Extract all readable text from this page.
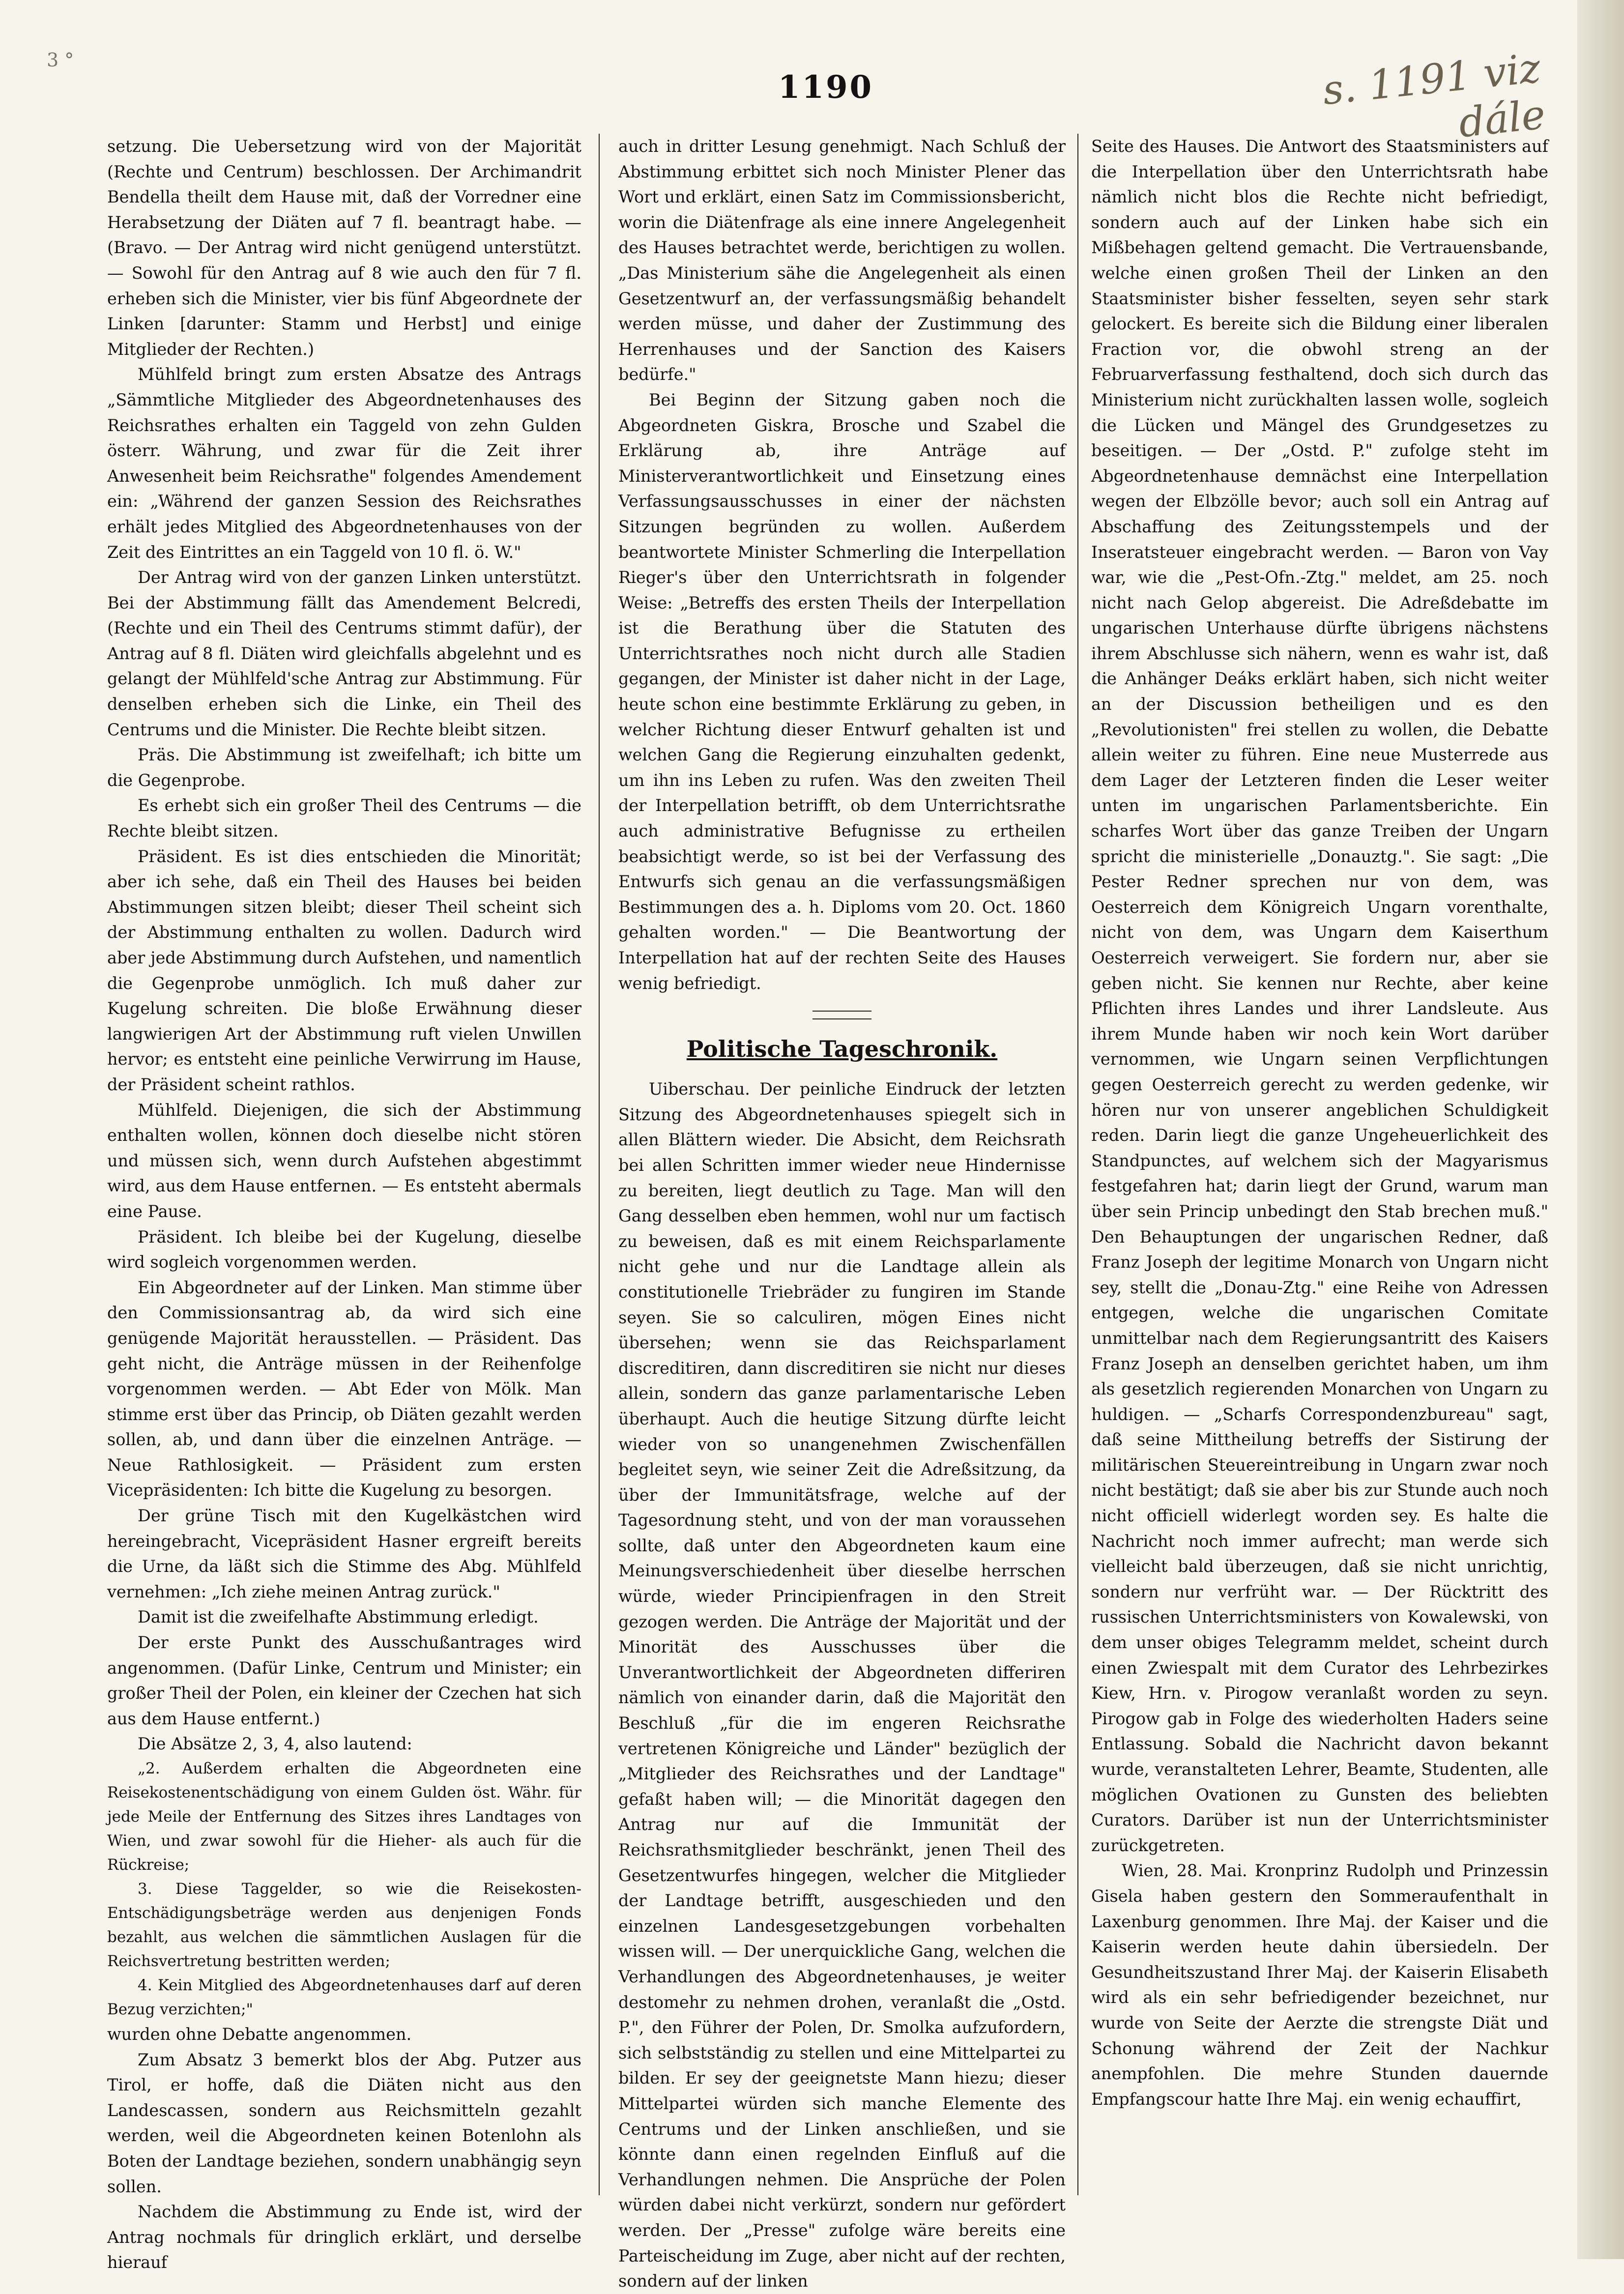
3 °
1190	s. 1191 viz dále

setzung. Die Uebersetzung wird von der Majorität (Rechte und Centrum) beschlossen. Der Archimandrit Bendella theilt dem Hause mit, daß der Vorredner eine Herabsetzung der Diäten auf 7 fl. beantragt habe. — (Bravo. — Der Antrag wird nicht genügend unterstützt. — Sowohl für den Antrag auf 8 wie auch den für 7 fl. erheben sich die Minister, vier bis fünf Abgeordnete der Linken [darunter: Stamm und Herbst] und einige Mitglieder der Rechten.)

Mühlfeld bringt zum ersten Absatze des Antrags „Sämmtliche Mitglieder des Abgeordnetenhauses des Reichsrathes erhalten ein Taggeld von zehn Gulden österr. Währung, und zwar für die Zeit ihrer Anwesenheit beim Reichsrathe" folgendes Amendement ein: „Während der ganzen Session des Reichsrathes erhält jedes Mitglied des Abgeordnetenhauses von der Zeit des Eintrittes an ein Taggeld von 10 fl. ö. W."

Der Antrag wird von der ganzen Linken unterstützt. Bei der Abstimmung fällt das Amendement Belcredi, (Rechte und ein Theil des Centrums stimmt dafür), der Antrag auf 8 fl. Diäten wird gleichfalls abgelehnt und es gelangt der Mühlfeld'sche Antrag zur Abstimmung. Für denselben erheben sich die Linke, ein Theil des Centrums und die Minister. Die Rechte bleibt sitzen.

Präs. Die Abstimmung ist zweifelhaft; ich bitte um die Gegenprobe.

Es erhebt sich ein großer Theil des Centrums — die Rechte bleibt sitzen.

Präsident. Es ist dies entschieden die Minorität; aber ich sehe, daß ein Theil des Hauses bei beiden Abstimmungen sitzen bleibt; dieser Theil scheint sich der Abstimmung enthalten zu wollen. Dadurch wird aber jede Abstimmung durch Aufstehen, und namentlich die Gegenprobe unmöglich. Ich muß daher zur Kugelung schreiten. Die bloße Erwähnung dieser langwierigen Art der Abstimmung ruft vielen Unwillen hervor; es entsteht eine peinliche Verwirrung im Hause, der Präsident scheint rathlos.

Mühlfeld. Diejenigen, die sich der Abstimmung enthalten wollen, können doch dieselbe nicht stören und müssen sich, wenn durch Aufstehen abgestimmt wird, aus dem Hause entfernen. — Es entsteht abermals eine Pause.

Präsident. Ich bleibe bei der Kugelung, dieselbe wird sogleich vorgenommen werden.

Ein Abgeordneter auf der Linken. Man stimme über den Commissionsantrag ab, da wird sich eine genügende Majorität herausstellen. — Präsident. Das geht nicht, die Anträge müssen in der Reihenfolge vorgenommen werden. — Abt Eder von Mölk. Man stimme erst über das Princip, ob Diäten gezahlt werden sollen, ab, und dann über die einzelnen Anträge. — Neue Rathlosigkeit. — Präsident zum ersten Vicepräsidenten: Ich bitte die Kugelung zu besorgen.

Der grüne Tisch mit den Kugelkästchen wird hereingebracht, Vicepräsident Hasner ergreift bereits die Urne, da läßt sich die Stimme des Abg. Mühlfeld vernehmen: „Ich ziehe meinen Antrag zurück."

Damit ist die zweifelhafte Abstimmung erledigt.

Der erste Punkt des Ausschußantrages wird angenommen. (Dafür Linke, Centrum und Minister; ein großer Theil der Polen, ein kleiner der Czechen hat sich aus dem Hause entfernt.)

Die Absätze 2, 3, 4, also lautend:

„2. Außerdem erhalten die Abgeordneten eine Reisekostenentschädigung von einem Gulden öst. Währ. für jede Meile der Entfernung des Sitzes ihres Landtages von Wien, und zwar sowohl für die Hieher- als auch für die Rückreise;

3. Diese Taggelder, so wie die Reisekosten-Entschädigungsbeträge werden aus denjenigen Fonds bezahlt, aus welchen die sämmtlichen Auslagen für die Reichsvertretung bestritten werden;

4. Kein Mitglied des Abgeordnetenhauses darf auf deren Bezug verzichten;"

wurden ohne Debatte angenommen.

Zum Absatz 3 bemerkt blos der Abg. Putzer aus Tirol, er hoffe, daß die Diäten nicht aus den Landescassen, sondern aus Reichsmitteln gezahlt werden, weil die Abgeordneten keinen Botenlohn als Boten der Landtage beziehen, sondern unabhängig seyn sollen.

Nachdem die Abstimmung zu Ende ist, wird der Antrag nochmals für dringlich erklärt, und derselbe hierauf

auch in dritter Lesung genehmigt. Nach Schluß der Abstimmung erbittet sich noch Minister Plener das Wort und erklärt, einen Satz im Commissionsbericht, worin die Diätenfrage als eine innere Angelegenheit des Hauses betrachtet werde, berichtigen zu wollen. „Das Ministerium sähe die Angelegenheit als einen Gesetzentwurf an, der verfassungsmäßig behandelt werden müsse, und daher der Zustimmung des Herrenhauses und der Sanction des Kaisers bedürfe."

Bei Beginn der Sitzung gaben noch die Abgeordneten Giskra, Brosche und Szabel die Erklärung ab, ihre Anträge auf Ministerverantwortlichkeit und Einsetzung eines Verfassungsausschusses in einer der nächsten Sitzungen begründen zu wollen. Außerdem beantwortete Minister Schmerling die Interpellation Rieger's über den Unterrichtsrath in folgender Weise: „Betreffs des ersten Theils der Interpellation ist die Berathung über die Statuten des Unterrichtsrathes noch nicht durch alle Stadien gegangen, der Minister ist daher nicht in der Lage, heute schon eine bestimmte Erklärung zu geben, in welcher Richtung dieser Entwurf gehalten ist und welchen Gang die Regierung einzuhalten gedenkt, um ihn ins Leben zu rufen. Was den zweiten Theil der Interpellation betrifft, ob dem Unterrichtsrathe auch administrative Befugnisse zu ertheilen beabsichtigt werde, so ist bei der Verfassung des Entwurfs sich genau an die verfassungsmäßigen Bestimmungen des a. h. Diploms vom 20. Oct. 1860 gehalten worden." — Die Beantwortung der Interpellation hat auf der rechten Seite des Hauses wenig befriedigt.

Politische Tageschronik.

Uiberschau. Der peinliche Eindruck der letzten Sitzung des Abgeordnetenhauses spiegelt sich in allen Blättern wieder. Die Absicht, dem Reichsrath bei allen Schritten immer wieder neue Hindernisse zu bereiten, liegt deutlich zu Tage. Man will den Gang desselben eben hemmen, wohl nur um factisch zu beweisen, daß es mit einem Reichsparlamente nicht gehe und nur die Landtage allein als constitutionelle Triebräder zu fungiren im Stande seyen. Sie so calculiren, mögen Eines nicht übersehen; wenn sie das Reichsparlament discreditiren, dann discreditiren sie nicht nur dieses allein, sondern das ganze parlamentarische Leben überhaupt. Auch die heutige Sitzung dürfte leicht wieder von so unangenehmen Zwischenfällen begleitet seyn, wie seiner Zeit die Adreßsitzung, da über der Immunitätsfrage, welche auf der Tagesordnung steht, und von der man voraussehen sollte, daß unter den Abgeordneten kaum eine Meinungsverschiedenheit über dieselbe herrschen würde, wieder Principienfragen in den Streit gezogen werden. Die Anträge der Majorität und der Minorität des Ausschusses über die Unverantwortlichkeit der Abgeordneten differiren nämlich von einander darin, daß die Majorität den Beschluß „für die im engeren Reichsrathe vertretenen Königreiche und Länder" bezüglich der „Mitglieder des Reichsrathes und der Landtage" gefaßt haben will; — die Minorität dagegen den Antrag nur auf die Immunität der Reichsrathsmitglieder beschränkt, jenen Theil des Gesetzentwurfes hingegen, welcher die Mitglieder der Landtage betrifft, ausgeschieden und den einzelnen Landesgesetzgebungen vorbehalten wissen will. — Der unerquickliche Gang, welchen die Verhandlungen des Abgeordnetenhauses, je weiter destomehr zu nehmen drohen, veranlaßt die „Ostd. P.", den Führer der Polen, Dr. Smolka aufzufordern, sich selbstständig zu stellen und eine Mittelpartei zu bilden. Er sey der geeignetste Mann hiezu; dieser Mittelpartei würden sich manche Elemente des Centrums und der Linken anschließen, und sie könnte dann einen regelnden Einfluß auf die Verhandlungen nehmen. Die Ansprüche der Polen würden dabei nicht verkürzt, sondern nur gefördert werden. Der „Presse" zufolge wäre bereits eine Parteischeidung im Zuge, aber nicht auf der rechten, sondern auf der linken

Seite des Hauses. Die Antwort des Staatsministers auf die Interpellation über den Unterrichtsrath habe nämlich nicht blos die Rechte nicht befriedigt, sondern auch auf der Linken habe sich ein Mißbehagen geltend gemacht. Die Vertrauensbande, welche einen großen Theil der Linken an den Staatsminister bisher fesselten, seyen sehr stark gelockert. Es bereite sich die Bildung einer liberalen Fraction vor, die obwohl streng an der Februarverfassung festhaltend, doch sich durch das Ministerium nicht zurückhalten lassen wolle, sogleich die Lücken und Mängel des Grundgesetzes zu beseitigen. — Der „Ostd. P." zufolge steht im Abgeordnetenhause demnächst eine Interpellation wegen der Elbzölle bevor; auch soll ein Antrag auf Abschaffung des Zeitungsstempels und der Inseratsteuer eingebracht werden. — Baron von Vay war, wie die „Pest-Ofn.-Ztg." meldet, am 25. noch nicht nach Gelop abgereist. Die Adreßdebatte im ungarischen Unterhause dürfte übrigens nächstens ihrem Abschlusse sich nähern, wenn es wahr ist, daß die Anhänger Deáks erklärt haben, sich nicht weiter an der Discussion betheiligen und es den „Revolutionisten" frei stellen zu wollen, die Debatte allein weiter zu führen. Eine neue Musterrede aus dem Lager der Letzteren finden die Leser weiter unten im ungarischen Parlamentsberichte. Ein scharfes Wort über das ganze Treiben der Ungarn spricht die ministerielle „Donauztg.". Sie sagt: „Die Pester Redner sprechen nur von dem, was Oesterreich dem Königreich Ungarn vorenthalte, nicht von dem, was Ungarn dem Kaiserthum Oesterreich verweigert. Sie fordern nur, aber sie geben nicht. Sie kennen nur Rechte, aber keine Pflichten ihres Landes und ihrer Landsleute. Aus ihrem Munde haben wir noch kein Wort darüber vernommen, wie Ungarn seinen Verpflichtungen gegen Oesterreich gerecht zu werden gedenke, wir hören nur von unserer angeblichen Schuldigkeit reden. Darin liegt die ganze Ungeheuerlichkeit des Standpunctes, auf welchem sich der Magyarismus festgefahren hat; darin liegt der Grund, warum man über sein Princip unbedingt den Stab brechen muß." Den Behauptungen der ungarischen Redner, daß Franz Joseph der legitime Monarch von Ungarn nicht sey, stellt die „Donau-Ztg." eine Reihe von Adressen entgegen, welche die ungarischen Comitate unmittelbar nach dem Regierungsantritt des Kaisers Franz Joseph an denselben gerichtet haben, um ihm als gesetzlich regierenden Monarchen von Ungarn zu huldigen. — „Scharfs Correspondenzbureau" sagt, daß seine Mittheilung betreffs der Sistirung der militärischen Steuereintreibung in Ungarn zwar noch nicht bestätigt; daß sie aber bis zur Stunde auch noch nicht officiell widerlegt worden sey. Es halte die Nachricht noch immer aufrecht; man werde sich vielleicht bald überzeugen, daß sie nicht unrichtig, sondern nur verfrüht war. — Der Rücktritt des russischen Unterrichtsministers von Kowalewski, von dem unser obiges Telegramm meldet, scheint durch einen Zwiespalt mit dem Curator des Lehrbezirkes Kiew, Hrn. v. Pirogow veranlaßt worden zu seyn. Pirogow gab in Folge des wiederholten Haders seine Entlassung. Sobald die Nachricht davon bekannt wurde, veranstalteten Lehrer, Beamte, Studenten, alle möglichen Ovationen zu Gunsten des beliebten Curators. Darüber ist nun der Unterrichtsminister zurückgetreten.

Wien, 28. Mai. Kronprinz Rudolph und Prinzessin Gisela haben gestern den Sommeraufenthalt in Laxenburg genommen. Ihre Maj. der Kaiser und die Kaiserin werden heute dahin übersiedeln. Der Gesundheitszustand Ihrer Maj. der Kaiserin Elisabeth wird als ein sehr befriedigender bezeichnet, nur wurde von Seite der Aerzte die strengste Diät und Schonung während der Zeit der Nachkur anempfohlen. Die mehre Stunden dauernde Empfangscour hatte Ihre Maj. ein wenig echauffirt,
